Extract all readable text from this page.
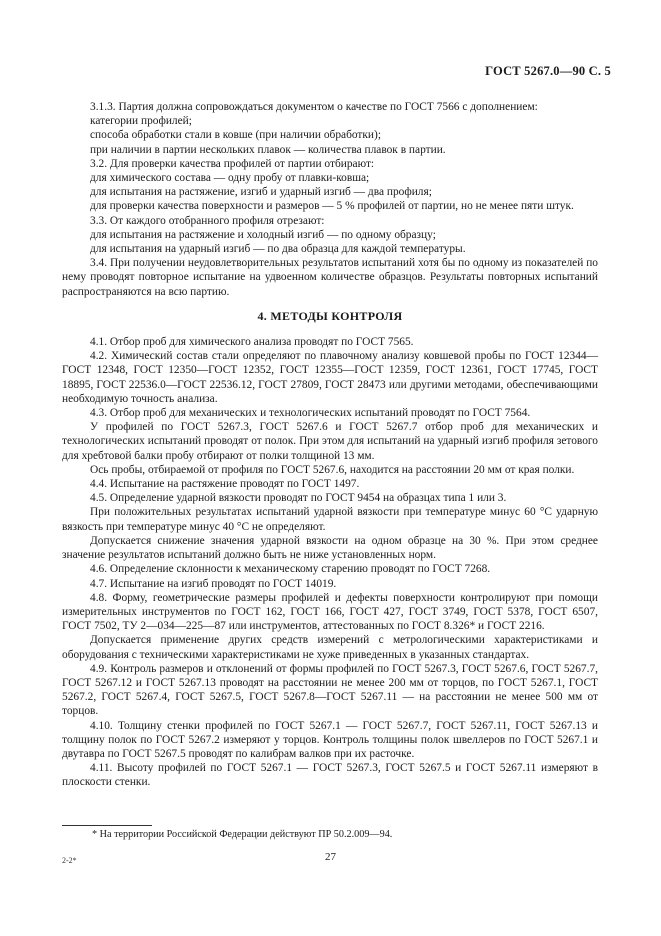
ГОСТ 5267.0—90 С. 5

3.1.3. Партия должна сопровождаться документом о качестве по ГОСТ 7566 с дополнением:

категории профилей;

способа обработки стали в ковше (при наличии обработки);

при наличии в партии нескольких плавок — количества плавок в партии.

3.2. Для проверки качества профилей от партии отбирают:

для химического состава — одну пробу от плавки-ковша;

для испытания на растяжение, изгиб и ударный изгиб — два профиля;

для проверки качества поверхности и размеров — 5 % профилей от партии, но не менее пяти штук.

3.3. От каждого отобранного профиля отрезают:

для испытания на растяжение и холодный изгиб — по одному образцу;

для испытания на ударный изгиб — по два образца для каждой температуры.

3.4. При получении неудовлетворительных результатов испытаний хотя бы по одному из показателей по нему проводят повторное испытание на удвоенном количестве образцов. Результаты повторных испытаний распространяются на всю партию.

4. МЕТОДЫ КОНТРОЛЯ

4.1. Отбор проб для химического анализа проводят по ГОСТ 7565.

4.2. Химический состав стали определяют по плавочному анализу ковшевой пробы по ГОСТ 12344—ГОСТ 12348, ГОСТ 12350—ГОСТ 12352, ГОСТ 12355—ГОСТ 12359, ГОСТ 12361, ГОСТ 17745, ГОСТ 18895, ГОСТ 22536.0—ГОСТ 22536.12, ГОСТ 27809, ГОСТ 28473 или другими методами, обеспечивающими необходимую точность анализа.

4.3. Отбор проб для механических и технологических испытаний проводят по ГОСТ 7564.

У профилей по ГОСТ 5267.3, ГОСТ 5267.6 и ГОСТ 5267.7 отбор проб для механических и технологических испытаний проводят от полок. При этом для испытаний на ударный изгиб профиля зетового для хребтовой балки пробу отбирают от полки толщиной 13 мм.

Ось пробы, отбираемой от профиля по ГОСТ 5267.6, находится на расстоянии 20 мм от края полки.

4.4. Испытание на растяжение проводят по ГОСТ 1497.

4.5. Определение ударной вязкости проводят по ГОСТ 9454 на образцах типа 1 или 3.

При положительных результатах испытаний ударной вязкости при температуре минус 60 °С ударную вязкость при температуре минус 40 °С не определяют.

Допускается снижение значения ударной вязкости на одном образце на 30 %. При этом среднее значение результатов испытаний должно быть не ниже установленных норм.

4.6. Определение склонности к механическому старению проводят по ГОСТ 7268.

4.7. Испытание на изгиб проводят по ГОСТ 14019.

4.8. Форму, геометрические размеры профилей и дефекты поверхности контролируют при помощи измерительных инструментов по ГОСТ 162, ГОСТ 166, ГОСТ 427, ГОСТ 3749, ГОСТ 5378, ГОСТ 6507, ГОСТ 7502, ТУ 2—034—225—87 или инструментов, аттестованных по ГОСТ 8.326* и ГОСТ 2216.

Допускается применение других средств измерений с метрологическими характеристиками и оборудования с техническими характеристиками не хуже приведенных в указанных стандартах.

4.9. Контроль размеров и отклонений от формы профилей по ГОСТ 5267.3, ГОСТ 5267.6, ГОСТ 5267.7, ГОСТ 5267.12 и ГОСТ 5267.13 проводят на расстоянии не менее 200 мм от торцов, по ГОСТ 5267.1, ГОСТ 5267.2, ГОСТ 5267.4, ГОСТ 5267.5, ГОСТ 5267.8—ГОСТ 5267.11 — на расстоянии не менее 500 мм от торцов.

4.10. Толщину стенки профилей по ГОСТ 5267.1 — ГОСТ 5267.7, ГОСТ 5267.11, ГОСТ 5267.13 и толщину полок по ГОСТ 5267.2 измеряют у торцов. Контроль толщины полок швеллеров по ГОСТ 5267.1 и двутавра по ГОСТ 5267.5 проводят по калибрам валков при их расточке.

4.11. Высоту профилей по ГОСТ 5267.1 — ГОСТ 5267.3, ГОСТ 5267.5 и ГОСТ 5267.11 измеряют в плоскости стенки.

* На территории Российской Федерации действуют ПР 50.2.009—94.
27
2-2*
